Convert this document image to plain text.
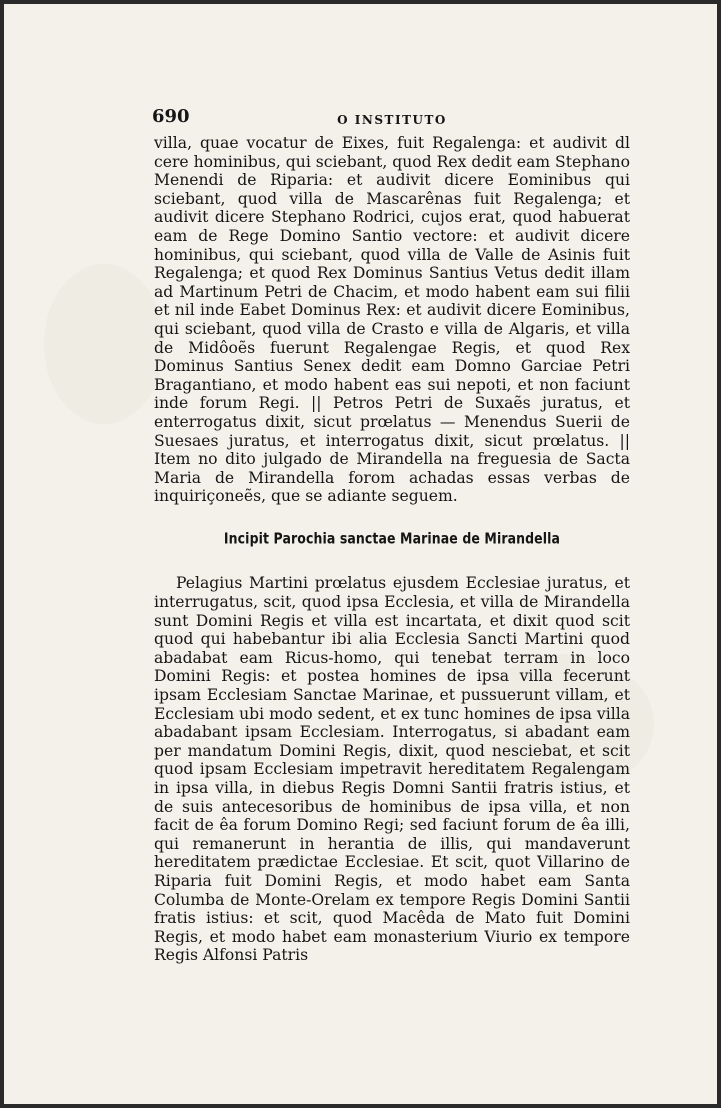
690	O INSTITUTO

villa, quae vocatur de Eixes, fuit Regalenga: et audivit dl cere hominibus, qui sciebant, quod Rex dedit eam Stephano Menendi de Riparia: et audivit dicere Eominibus qui sciebant, quod villa de Mascarênas fuit Regalenga; et audivit dicere Stephano Rodrici, cujos erat, quod habuerat eam de Rege Domino Santio vectore: et audivit dicere hominibus, qui sciebant, quod villa de Valle de Asinis fuit Regalenga; et quod Rex Dominus Santius Vetus dedit illam ad Martinum Petri de Chacim, et modo habent eam sui filii et nil inde Eabet Dominus Rex: et audivit dicere Eominibus, qui sciebant, quod villa de Crasto e villa de Algaris, et villa de Midôoẽs fuerunt Regalengae Regis, et quod Rex Dominus Santius Senex dedit eam Domno Garciae Petri Bragantiano, et modo habent eas sui nepoti, et non faciunt inde forum Regi. || Petros Petri de Suxaẽs juratus, et enterrogatus dixit, sicut prœlatus — Menendus Suerii de Suesaes juratus, et interrogatus dixit, sicut prœlatus. || Item no dito julgado de Mirandella na freguesia de Sacta Maria de Mirandella forom achadas essas verbas de inquiriçoneẽs, que se adiante seguem.

Incipit Parochia sanctae Marinae de Mirandella

Pelagius Martini prœlatus ejusdem Ecclesiae juratus, et interrugatus, scit, quod ipsa Ecclesia, et villa de Mirandella sunt Domini Regis et villa est incartata, et dixit quod scit quod qui habebantur ibi alia Ecclesia Sancti Martini quod abadabat eam Ricus-homo, qui tenebat terram in loco Domini Regis: et postea homines de ipsa villa fecerunt ipsam Ecclesiam Sanctae Marinae, et pussuerunt villam, et Ecclesiam ubi modo sedent, et ex tunc homines de ipsa villa abadabant ipsam Ecclesiam. Interrogatus, si abadant eam per mandatum Domini Regis, dixit, quod nesciebat, et scit quod ipsam Ecclesiam impetravit hereditatem Regalengam in ipsa villa, in diebus Regis Domni Santii fratris istius, et de suis antecesoribus de hominibus de ipsa villa, et non facit de êa forum Domino Regi; sed faciunt forum de êa illi, qui remanerunt in herantia de illis, qui mandaverunt hereditatem prædictae Ecclesiae. Et scit, quot Villarino de Riparia fuit Domini Regis, et modo habet eam Santa Columba de Monte-Orelam ex tempore Regis Domini Santii fratis istius: et scit, quod Macêda de Mato fuit Domini Regis, et modo habet eam monasterium Viurio ex tempore Regis Alfonsi Patris
